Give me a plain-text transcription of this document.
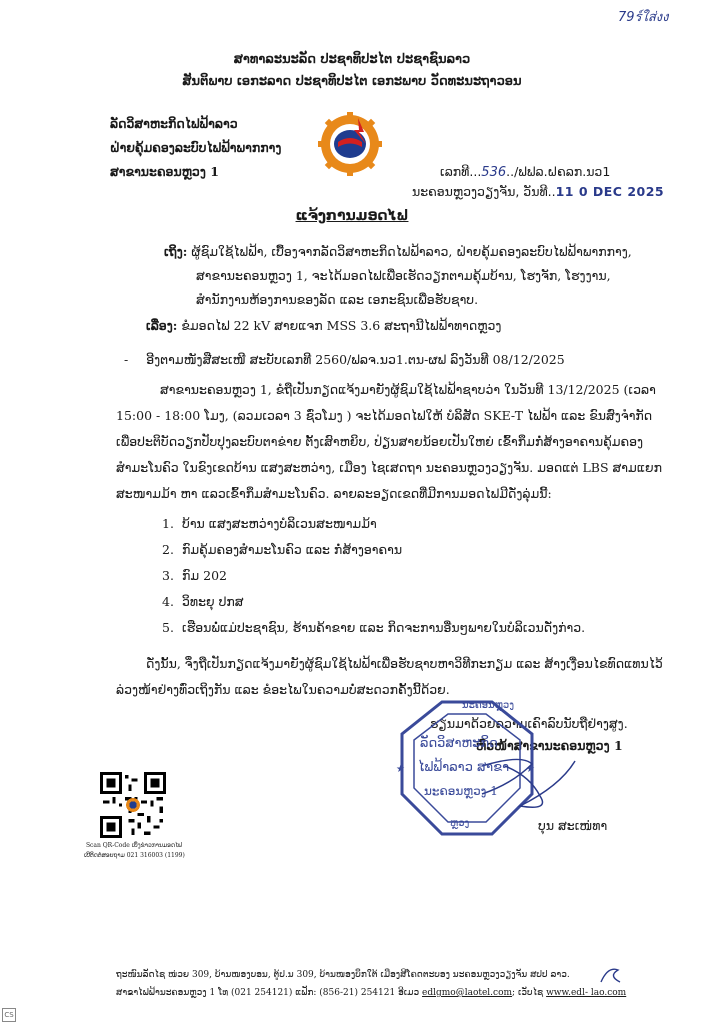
79ร์ใส่งง
ສາທາລະນະລັດ ປະຊາທິປະໄຕ ປະຊາຊົນລາວ
ສັນຕິພາບ ເອກະລາດ ປະຊາທິປະໄຕ ເອກະພາບ ວັດທະນະຖາວອນ
ລັດວິສາຫະກິດໄຟຟ້າລາວ
ຝ່າຍຄຸ້ມຄອງລະບົບໄຟຟ້າພາກກາງ
ສາຂານະຄອນຫຼວງ 1	ເລກທີ...536../ຟຟລ.ຝຄລກ.ນວ1
ນະຄອນຫຼວງວຽງຈັນ, ວັນທີ..11 0 DEC 2025
ແຈ້ງການມອດໄຟ
ເຖິງ: ຜູ້ຊົມໃຊ້ໄຟຟ້າ, ເບື້ອງຈາກລັດວິສາຫະກິດໄຟຟ້າລາວ, ຝ່າຍຄຸ້ມຄອງລະບົບໄຟຟ້າພາກກາງ,
ສາຂານະຄອນຫຼວງ 1, ຈະໄດ້ມອດໄຟເພື່ອເຮັດວຽກຕາມຄຸ້ມບ້ານ, ໂຮງຈັກ, ໂຮງງານ,
ສຳນັກງານຫ້ອງການຂອງລັດ ແລະ ເອກະຊົນເພື່ອຮັບຊາບ.
ເລື່ອງ: ຂໍມອດໄຟ 22 kV ສາຍແຈກ MSS 3.6 ສະຖານີໄຟຟ້າທາດຫຼວງ
- ອີງຕາມໜັງສືສະເໜີ ສະບັບເລກທີ 2560/ຟລຈ.ນວ1.ຕນ-ຜຟ ລົງວັນທີ 08/12/2025
ສາຂານະຄອນຫຼວງ 1, ຂໍຖືເປັນກຽດແຈ້ງມາຍັງຜູ້ຊົມໃຊ້ໄຟຟ້າຊາບວ່າ ໃນວັນທີ 13/12/2025 (ເວລາ
15:00 - 18:00 ໂມງ, (ລວມເວລາ 3 ຊົ່ວໂມງ ) ຈະໄດ້ມອດໄຟໃຫ້ ບໍລິສັດ SKE-T ໄຟຟ້າ ແລະ ຂົນສົ່ງຈຳກັດ
ເພື່ອປະຕິບັດວຽກປັບປຸງລະບົບຕາຂ່າຍ ຕັ້ງເສົາຫຍິບ, ປ່ຽນສາຍນ້ອຍເປັນໃຫຍ່ ເຂົ້າກຶມກໍ່ສ້າງອາຄານຄຸ້ມຄອງ
ສຳມະໂນຄົວ ໃນຂົງເຂດບ້ານ ແສງສະຫວ່າງ, ເມືອງ ໄຊເສດຖາ ນະຄອນຫຼວງວຽງຈັນ. ມອດແຕ່ LBS ສາມແຍກ
ສະໜາມມ້າ ຫາ ແລວເຂົ້າກຶມສຳມະໂນຄົວ. ລາຍລະອຽດເຂດທີ່ມີການມອດໄຟມີດັ່ງລຸ່ມນີ້:
1. ບ້ານ ແສງສະຫວ່າງບໍລິເວນສະໜາມມ້າ
2. ກົມຄຸ້ມຄອງສຳມະໂນຄົວ ແລະ ກໍ່ສ້າງອາຄານ
3. ກົມ 202
4. ວິທະຍຸ ປກສ
5. ເຮືອນພໍ່ແມ່ປະຊາຊົນ, ຮ້ານຄ້າຂາຍ ແລະ ກິດຈະການອື່ນໆພາຍໃນບໍລິເວນດັ່ງກ່າວ.
ດັ່ງນັ້ນ, ຈຶ່ງຖືເປັນກຽດແຈ້ງມາຍັງຜູ້ຊົມໃຊ້ໄຟຟ້າເພື່ອຮັບຊາບຫາວິທີກະກຽມ ແລະ ສ້າງເງື່ອນໄຂທົດແທນໄວ້
ລ່ວງໜ້າຢ່າງທົ່ວເຖິງກັນ ແລະ ຂໍອະໄພໃນຄວາມບໍ່ສະດວກຄັ້ງນີ້ດ້ວຍ.
ຮຽນມາດ້ວຍຄວາມເຄົາລົບນັບຖືຢ່າງສູງ.
ຫົວໜ້າສາຂານະຄອນຫຼວງ 1
★	★
ນະຄອນຫຼວງ
ລັດວິສາຫະກິດ
ໄຟຟ້າລາວ ສາຂາ
ນະຄອນຫຼວງ 1
ຫຼວງ	ບຸນ ສະເໜ່ທາ
Scan QR-Code ເບິ່ງຂ່າວການມອດໄຟ
ເບີຕິດຕໍ່ສອບຖາມ 021 316003 (1199)
ຖະໜົນລັດໄຊ ໜ່ວຍ 309, ບ້ານໜອງບອນ, ຕູ້ປ.ນ 309, ບ້ານໜອງບຶກໃຕ້ ເມືອງສີໂຄດຕະບອງ ນະຄອນຫຼວງວຽງຈັນ ສປປ ລາວ.
ສາຂາໄຟຟ້ານະຄອນຫຼວງ 1 ໂທ (021 254121) ແຟັກ: (856-21) 254121 ອີເມວ edlgmo@laotel.com; ເວັບໄຊ www.edl- lao.com
CS
